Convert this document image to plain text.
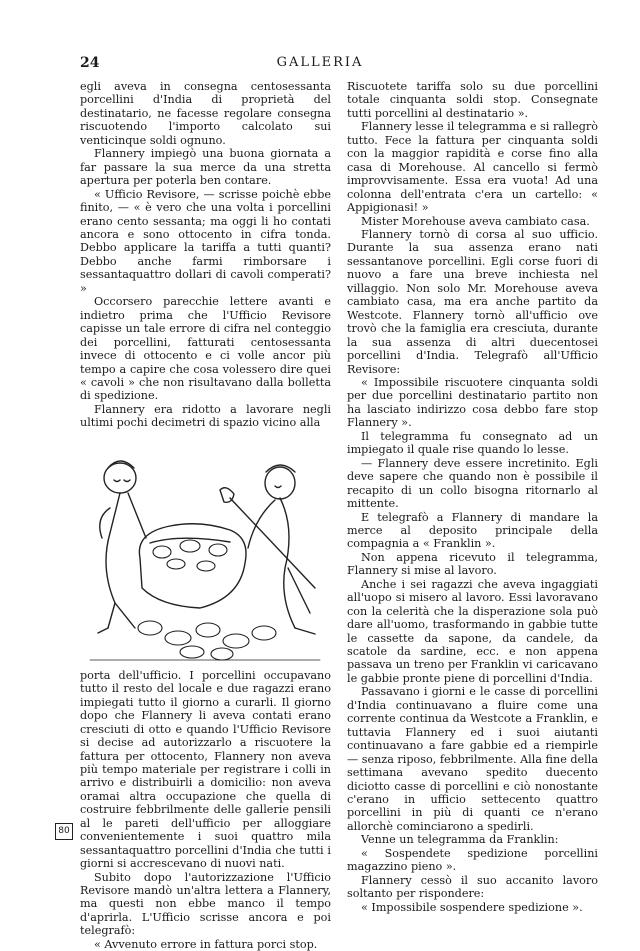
24	GALLERIA

egli aveva in consegna centosessanta porcellini d'India di proprietà del destinatario, ne facesse regolare consegna riscuotendo l'importo calcolato sui venticinque soldi ognuno.

Flannery impiegò una buona giornata a far passare la sua merce da una stretta apertura per poterla ben contare.

« Ufficio Revisore, — scrisse poichè ebbe finito, — « è vero che una volta i porcellini erano cento sessanta; ma oggi li ho contati ancora e sono ottocento in cifra tonda. Debbo applicare la tariffa a tutti quanti? Debbo anche farmi rimborsare i sessantaquattro dollari di cavoli comperati? »

Occorsero parecchie lettere avanti e indietro prima che l'Ufficio Revisore capisse un tale errore di cifra nel conteggio dei porcellini, fatturati centosessanta invece di ottocento e ci volle ancor più tempo a capire che cosa volessero dire quei « cavoli » che non risultavano dalla bolletta di spedizione.

Flannery era ridotto a lavorare negli ultimi pochi decimetri di spazio vicino alla

porta dell'ufficio. I porcellini occupavano tutto il resto del locale e due ragazzi erano impiegati tutto il giorno a curarli. Il giorno dopo che Flannery li aveva contati erano cresciuti di otto e quando l'Ufficio Revisore si decise ad autorizzarlo a riscuotere la fattura per ottocento, Flannery non aveva più tempo materiale per registrare i colli in arrivo e distribuirli a domicilio: non aveva oramai altra occupazione che quella di costruire febbrilmente delle gallerie pensili al le pareti dell'ufficio per alloggiare convenientemente i suoi quattro mila sessantaquattro porcellini d'India che tutti i giorni si accrescevano di nuovi nati.

Subito dopo l'autorizzazione l'Ufficio Revisore mandò un'altra lettera a Flannery, ma questi non ebbe manco il tempo d'aprirla. L'Ufficio scrisse ancora e poi telegrafò:

« Avvenuto errore in fattura porci stop.

Riscuotete tariffa solo su due porcellini totale cinquanta soldi stop. Consegnate tutti porcellini al destinatario ».

Flannery lesse il telegramma e si rallegrò tutto. Fece la fattura per cinquanta soldi con la maggior rapidità e corse fino alla casa di Morehouse. Al cancello si fermò improvvisamente. Essa era vuota! Ad una colonna dell'entrata c'era un cartello: « Appigionasi! »

Mister Morehouse aveva cambiato casa.

Flannery tornò di corsa al suo ufficio. Durante la sua assenza erano nati sessantanove porcellini. Egli corse fuori di nuovo a fare una breve inchiesta nel villaggio. Non solo Mr. Morehouse aveva cambiato casa, ma era anche partito da Westcote. Flannery tornò all'ufficio ove trovò che la famiglia era cresciuta, durante la sua assenza di altri duecentosei porcellini d'India. Telegrafò all'Ufficio Revisore:

« Impossibile riscuotere cinquanta soldi per due porcellini destinatario partito non ha lasciato indirizzo cosa debbo fare stop Flannery ».

Il telegramma fu consegnato ad un impiegato il quale rise quando lo lesse.

— Flannery deve essere incretinito. Egli deve sapere che quando non è possibile il recapito di un collo bisogna ritornarlo al mittente.

E telegrafò a Flannery di mandare la merce al deposito principale della compagnia a « Franklin ».

Non appena ricevuto il telegramma, Flannery si mise al lavoro.

Anche i sei ragazzi che aveva ingaggiati all'uopo si misero al lavoro. Essi lavoravano con la celerità che la disperazione sola può dare all'uomo, trasformando in gabbie tutte le cassette da sapone, da candele, da scatole da sardine, ecc. e non appena passava un treno per Franklin vi caricavano le gabbie pronte piene di porcellini d'India.

Passavano i giorni e le casse di porcellini d'India continuavano a fluire come una corrente continua da Westcote a Franklin, e tuttavia Flannery ed i suoi aiutanti continuavano a fare gabbie ed a riempirle — senza riposo, febbrilmente. Alla fine della settimana avevano spedito duecento diciotto casse di porcellini e ciò nonostante c'erano in ufficio settecento quattro porcellini in più di quanti ce n'erano allorchè cominciarono a spedirli.

Venne un telegramma da Franklin:

« Sospendete spedizione porcellini magazzino pieno ».

Flannery cessò il suo accanito lavoro soltanto per rispondere:

« Impossibile sospendere spedizione ».

80
